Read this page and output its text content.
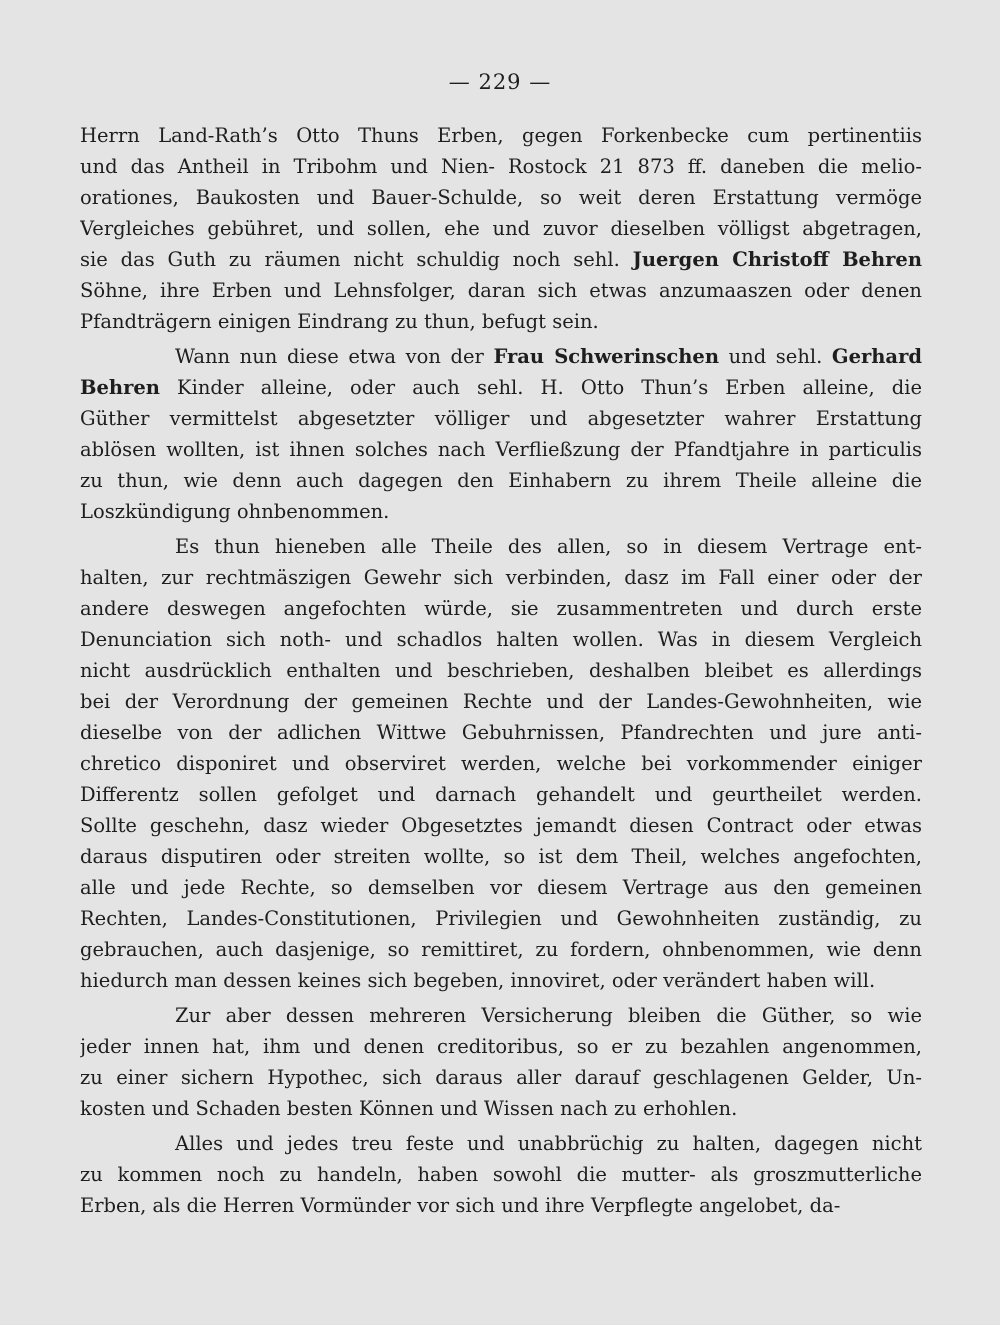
— 229 —
Herrn Land-Rath’s Otto Thuns Erben, gegen Forkenbecke cum pertinentiis
und das Antheil in Tribohm und Nien- Rostock 21 873 ff. daneben die melio-
orationes, Baukosten und Bauer-Schulde, so weit deren Erstattung vermöge
Vergleiches gebühret, und sollen, ehe und zuvor dieselben völligst abgetragen,
sie das Guth zu räumen nicht schuldig noch sehl. Juergen Christoff Behren
Söhne, ihre Erben und Lehnsfolger, daran sich etwas anzumaaszen oder denen
Pfandträgern einigen Eindrang zu thun, befugt sein.
Wann nun diese etwa von der Frau Schwerinschen und sehl. Gerhard
Behren Kinder alleine, oder auch sehl. H. Otto Thun’s Erben alleine, die
Güther vermittelst abgesetzter völliger und abgesetzter wahrer Erstattung
ablösen wollten, ist ihnen solches nach Verfließzung der Pfandtjahre in particulis
zu thun, wie denn auch dagegen den Einhabern zu ihrem Theile alleine die
Loszkündigung ohnbenommen.
Es thun hieneben alle Theile des allen, so in diesem Vertrage ent-
halten, zur rechtmäszigen Gewehr sich verbinden, dasz im Fall einer oder der
andere deswegen angefochten würde, sie zusammentreten und durch erste
Denunciation sich noth- und schadlos halten wollen. Was in diesem Vergleich
nicht ausdrücklich enthalten und beschrieben, deshalben bleibet es allerdings
bei der Verordnung der gemeinen Rechte und der Landes-Gewohnheiten, wie
dieselbe von der adlichen Wittwe Gebuhrnissen, Pfandrechten und jure anti-
chretico disponiret und observiret werden, welche bei vorkommender einiger
Differentz sollen gefolget und darnach gehandelt und geurtheilet werden.
Sollte geschehn, dasz wieder Obgesetztes jemandt diesen Contract oder etwas
daraus disputiren oder streiten wollte, so ist dem Theil, welches angefochten,
alle und jede Rechte, so demselben vor diesem Vertrage aus den gemeinen
Rechten, Landes-Constitutionen, Privilegien und Gewohnheiten zuständig, zu
gebrauchen, auch dasjenige, so remittiret, zu fordern, ohnbenommen, wie denn
hiedurch man dessen keines sich begeben, innoviret, oder verändert haben will.
Zur aber dessen mehreren Versicherung bleiben die Güther, so wie
jeder innen hat, ihm und denen creditoribus, so er zu bezahlen angenommen,
zu einer sichern Hypothec, sich daraus aller darauf geschlagenen Gelder, Un-
kosten und Schaden besten Können und Wissen nach zu erhohlen.
Alles und jedes treu feste und unabbrüchig zu halten, dagegen nicht
zu kommen noch zu handeln, haben sowohl die mutter- als groszmutterliche
Erben, als die Herren Vormünder vor sich und ihre Verpflegte angelobet, da-
